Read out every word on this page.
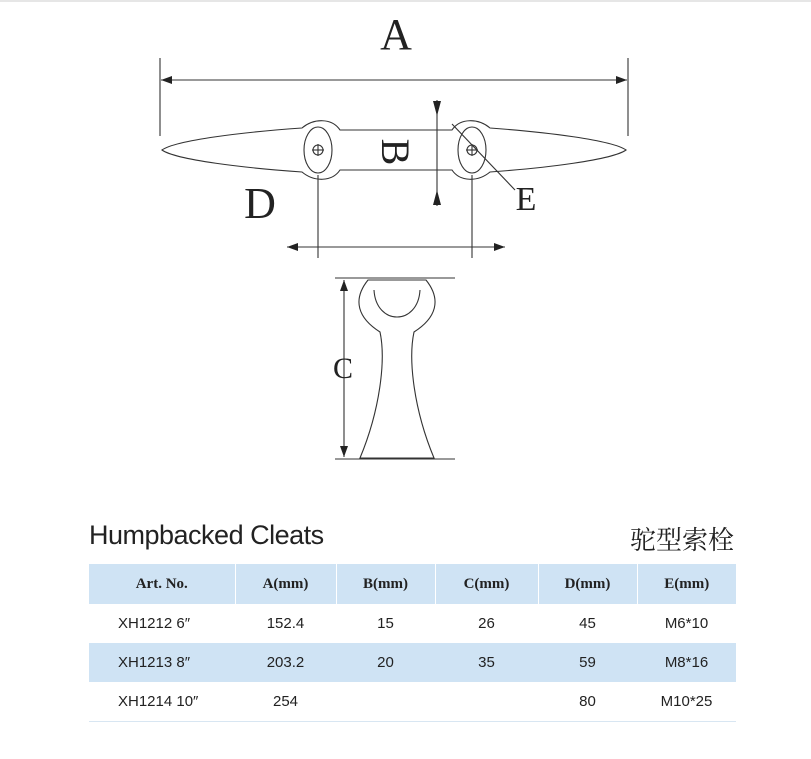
A
D	E
C
B
Humpbacked Cleats	驼型索栓
Art. No.	A(mm)	B(mm)	C(mm)	D(mm)	E(mm)
XH1212 6″	152.4	15	26	45	M6*10
XH1213 8″	203.2	20	35	59	M8*16
XH1214 10″	254			80	M10*25
